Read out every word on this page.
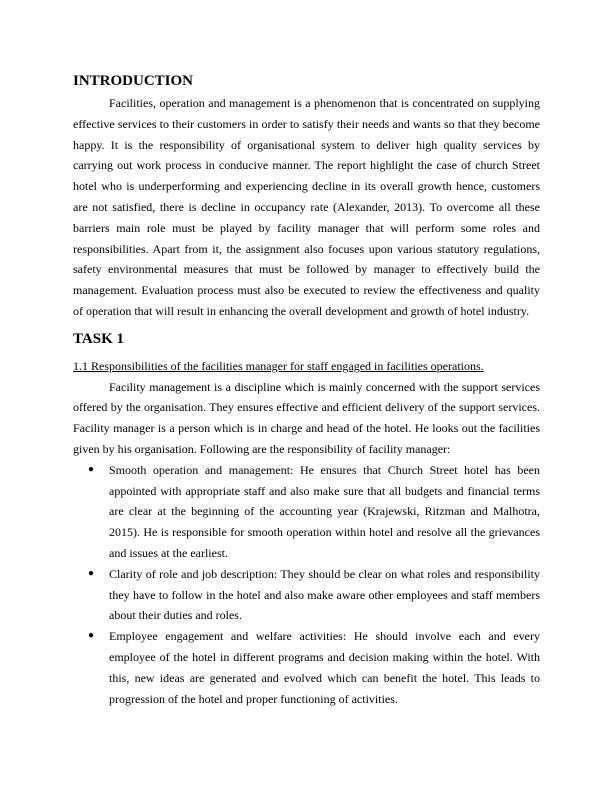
INTRODUCTION

Facilities, operation and management is a phenomenon that is concentrated on supplying effective services to their customers in order to satisfy their needs and wants so that they become happy. It is the responsibility of organisational system to deliver high quality services by carrying out work process in conducive manner. The report highlight the case of church Street hotel who is underperforming and experiencing decline in its overall growth hence, customers are not satisfied, there is decline in occupancy rate (Alexander, 2013). To overcome all these barriers main role must be played by facility manager that will perform some roles and responsibilities. Apart from it, the assignment also focuses upon various statutory regulations, safety environmental measures that must be followed by manager to effectively build the management. Evaluation process must also be executed to review the effectiveness and quality of operation that will result in enhancing the overall development and growth of hotel industry.

TASK 1
1.1 Responsibilities of the facilities manager for staff engaged in facilities operations.

Facility management is a discipline which is mainly concerned with the support services offered by the organisation. They ensures effective and efficient delivery of the support services. Facility manager is a person which is in charge and head of the hotel. He looks out the facilities given by his organisation. Following are the responsibility of facility manager:

● Smooth operation and management: He ensures that Church Street hotel has been appointed with appropriate staff and also make sure that all budgets and financial terms are clear at the beginning of the accounting year (Krajewski, Ritzman and Malhotra, 2015). He is responsible for smooth operation within hotel and resolve all the grievances and issues at the earliest.
● Clarity of role and job description: They should be clear on what roles and responsibility they have to follow in the hotel and also make aware other employees and staff members about their duties and roles.
● Employee engagement and welfare activities: He should involve each and every employee of the hotel in different programs and decision making within the hotel. With this, new ideas are generated and evolved which can benefit the hotel. This leads to progression of the hotel and proper functioning of activities.
